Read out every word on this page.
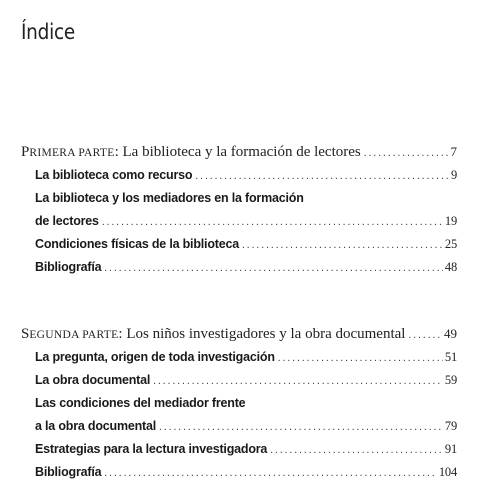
Índice
PRIMERA PARTE: La biblioteca y la formación de lectores .....	7
La biblioteca como recurso .....	9
La biblioteca y los mediadores en la formación
de lectores .....	19
Condiciones físicas de la biblioteca .....	25
Bibliografía .....	48
SEGUNDA PARTE: Los niños investigadores y la obra documental .....	49
La pregunta, origen de toda investigación .....	51
La obra documental .....	59
Las condiciones del mediador frente
a la obra documental .....	79
Estrategias para la lectura investigadora .....	91
Bibliografía .....	104
